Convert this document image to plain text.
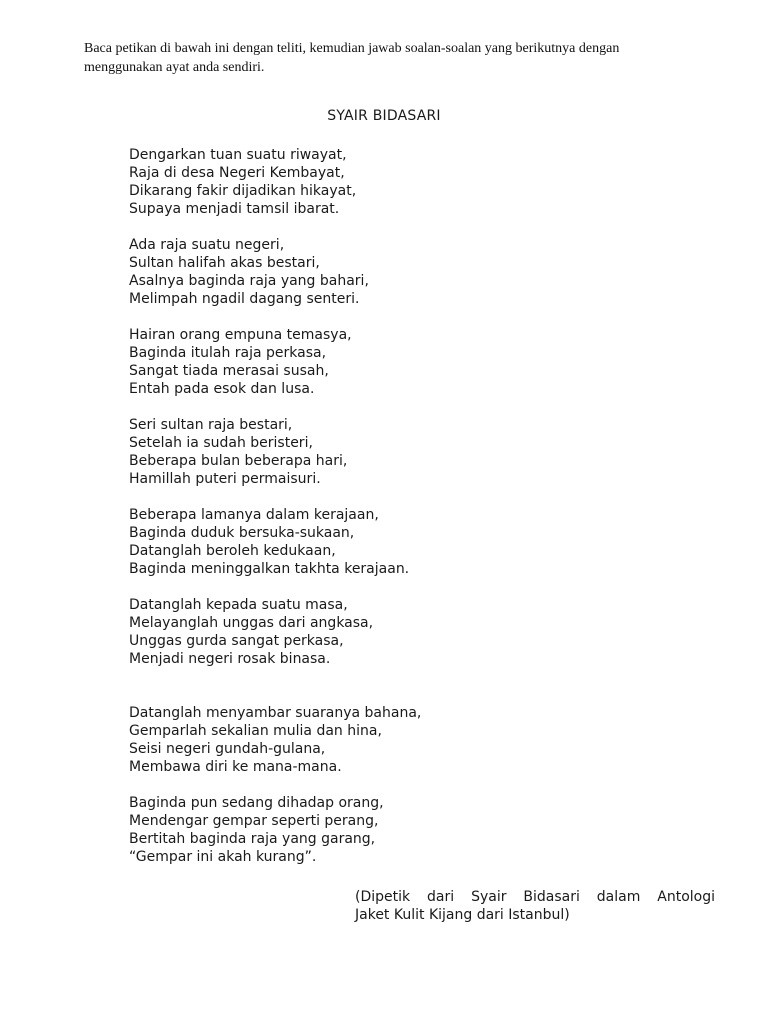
Baca petikan di bawah ini dengan teliti, kemudian jawab soalan-soalan yang berikutnya dengan
menggunakan ayat anda sendiri.
SYAIR BIDASARI
Dengarkan tuan suatu riwayat,
Raja di desa Negeri Kembayat,
Dikarang fakir dijadikan hikayat,
Supaya menjadi tamsil ibarat.
Ada raja suatu negeri,
Sultan halifah akas bestari,
Asalnya baginda raja yang bahari,
Melimpah ngadil dagang senteri.
Hairan orang empuna temasya,
Baginda itulah raja perkasa,
Sangat tiada merasai susah,
Entah pada esok dan lusa.
Seri sultan raja bestari,
Setelah ia sudah beristeri,
Beberapa bulan beberapa hari,
Hamillah puteri permaisuri.
Beberapa lamanya dalam kerajaan,
Baginda duduk bersuka-sukaan,
Datanglah beroleh kedukaan,
Baginda meninggalkan takhta kerajaan.
Datanglah kepada suatu masa,
Melayanglah unggas dari angkasa,
Unggas gurda sangat perkasa,
Menjadi negeri rosak binasa.
Datanglah menyambar suaranya bahana,
Gemparlah sekalian mulia dan hina,
Seisi negeri gundah-gulana,
Membawa diri ke mana-mana.
Baginda pun sedang dihadap orang,
Mendengar gempar seperti perang,
Bertitah baginda raja yang garang,
“Gempar ini akah kurang”.
(Dipetik dari Syair Bidasari dalam Antologi
Jaket Kulit Kijang dari Istanbul)
